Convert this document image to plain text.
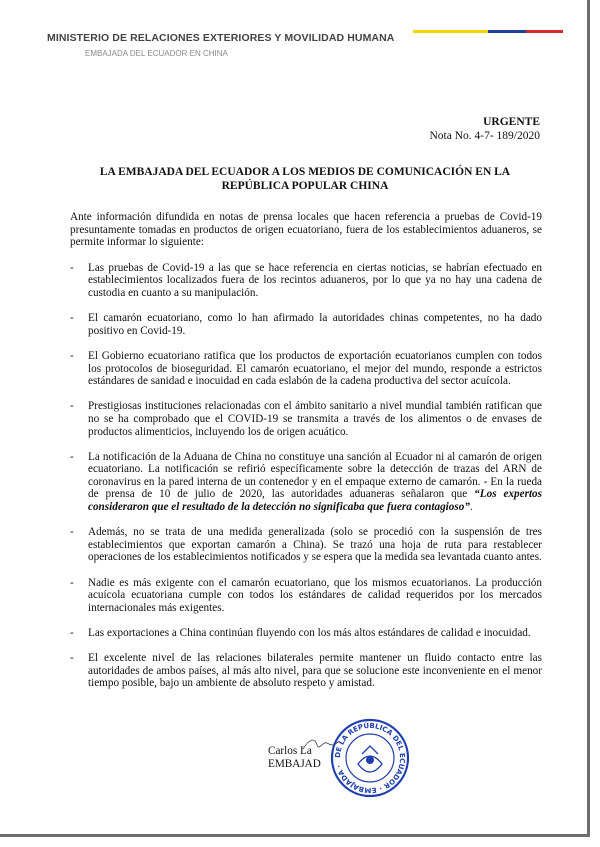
MINISTERIO DE RELACIONES EXTERIORES Y MOVILIDAD HUMANA
EMBAJADA DEL ECUADOR EN CHINA
URGENTE
Nota No. 4-7- 189/2020
LA EMBAJADA DEL ECUADOR A LOS MEDIOS DE COMUNICACIÓN EN LA REPÚBLICA POPULAR CHINA

Ante información difundida en notas de prensa locales que hacen referencia a pruebas de Covid-19 presuntamente tomadas en productos de origen ecuatoriano, fuera de los establecimientos aduaneros, se permite informar lo siguiente:

- Las pruebas de Covid-19 a las que se hace referencia en ciertas noticias, se habrían efectuado en establecimientos localizados fuera de los recintos aduaneros, por lo que ya no hay una cadena de custodia en cuanto a su manipulación.
- El camarón ecuatoriano, como lo han afirmado la autoridades chinas competentes, no ha dado positivo en Covid-19.
- El Gobierno ecuatoriano ratifica que los productos de exportación ecuatorianos cumplen con todos los protocolos de bioseguridad. El camarón ecuatoriano, el mejor del mundo, responde a estrictos estándares de sanidad e inocuidad en cada eslabón de la cadena productiva del sector acuícola.
- Prestigiosas instituciones relacionadas con el ámbito sanitario a nivel mundial también ratifican que no se ha comprobado que el COVID-19 se transmita a través de los alimentos o de envases de productos alimenticios, incluyendo los de origen acuático.
- La notificación de la Aduana de China no constituye una sanción al Ecuador ni al camarón de origen ecuatoriano. La notificación se refirió específicamente sobre la detección de trazas del ARN de coronavirus en la pared interna de un contenedor y en el empaque externo de camarón. - En la rueda de prensa de 10 de julio de 2020, las autoridades aduaneras señalaron que “Los expertos consideraron que el resultado de la detección no significaba que fuera contagioso”.
- Además, no se trata de una medida generalizada (solo se procedió con la suspensión de tres establecimientos que exportan camarón a China). Se trazó una hoja de ruta para restablecer operaciones de los establecimientos notificados y se espera que la medida sea levantada cuanto antes.
- Nadie es más exigente con el camarón ecuatoriano, que los mismos ecuatorianos. La producción acuícola ecuatoriana cumple con todos los estándares de calidad requeridos por los mercados internacionales más exigentes.
- Las exportaciones a China continúan fluyendo con los más altos estándares de calidad e inocuidad.
- El excelente nivel de las relaciones bilaterales permite mantener un fluido contacto entre las autoridades de ambos países, al más alto nivel, para que se solucione este inconveniente en el menor tiempo posible, bajo un ambiente de absoluto respeto y amistad.
Carlos La
EMBAJAD
DE LA REPÚBLICA DEL ECUADOR · EMBAJADA ·
